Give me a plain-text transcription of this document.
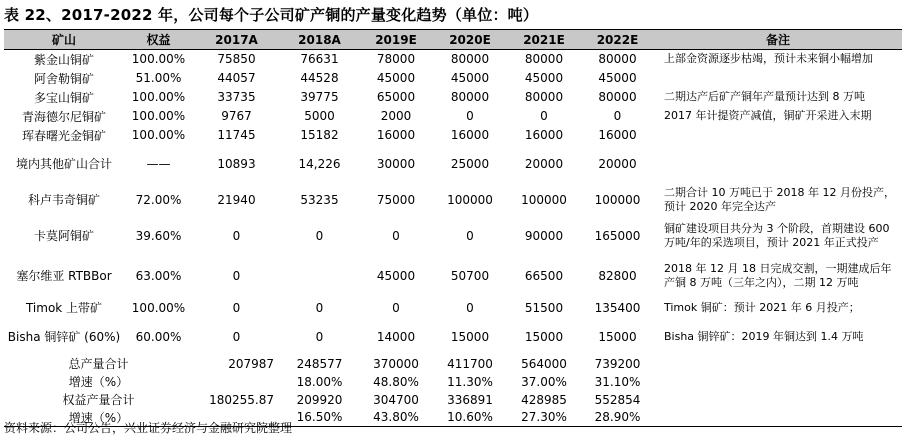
表 22、2017-2022 年，公司每个子公司矿产铜的产量变化趋势（单位：吨）
矿山	权益	2017A	2018A	2019E	2020E	2021E	2022E	备注
紫金山铜矿	100.00%	75850	76631	78000	80000	80000	80000	上部金资源逐步枯竭，预计未来铜小幅增加
阿舍勒铜矿	51.00%	44057	44528	45000	45000	45000	45000	
多宝山铜矿	100.00%	33735	39775	65000	80000	80000	80000	二期达产后矿产铜年产量预计达到 8 万吨
青海德尔尼铜矿	100.00%	9767	5000	2000	0	0	0	2017 年计提资产减值，铜矿开采进入末期
珲春曙光金铜矿	100.00%	11745	15182	16000	16000	16000	16000	
境内其他矿山合计	——	10893	14,226	30000	25000	20000	20000	
科卢韦奇铜矿	72.00%	21940	53235	75000	100000	100000	100000	二期合计 10 万吨已于 2018 年 12 月份投产，预计 2020 年完全达产
卡莫阿铜矿	39.60%	0	0	0	0	90000	165000	铜矿建设项目共分为 3 个阶段，首期建设 600 万吨/年的采选项目，预计 2021 年正式投产
塞尔维亚 RTBBor	63.00%	0		45000	50700	66500	82800	2018 年 12 月 18 日完成交割，一期建成后年产铜 8 万吨（三年之内），二期 12 万吨
Timok 上带矿	100.00%	0	0	0	0	51500	135400	Timok 铜矿：预计 2021 年 6 月投产；
Bisha 铜锌矿 (60%)	60.00%	0	0	14000	15000	15000	15000	Bisha 铜锌矿：2019 年铜达到 1.4 万吨
总产量合计		207987	248577	370000	411700	564000	739200	
增速（%）			18.00%	48.80%	11.30%	37.00%	31.10%	
权益产量合计		180255.87	209920	304700	336891	428985	552854	
增速（%）			16.50%	43.80%	10.60%	27.30%	28.90%	
资料来源：公司公告，兴业证券经济与金融研究院整理
